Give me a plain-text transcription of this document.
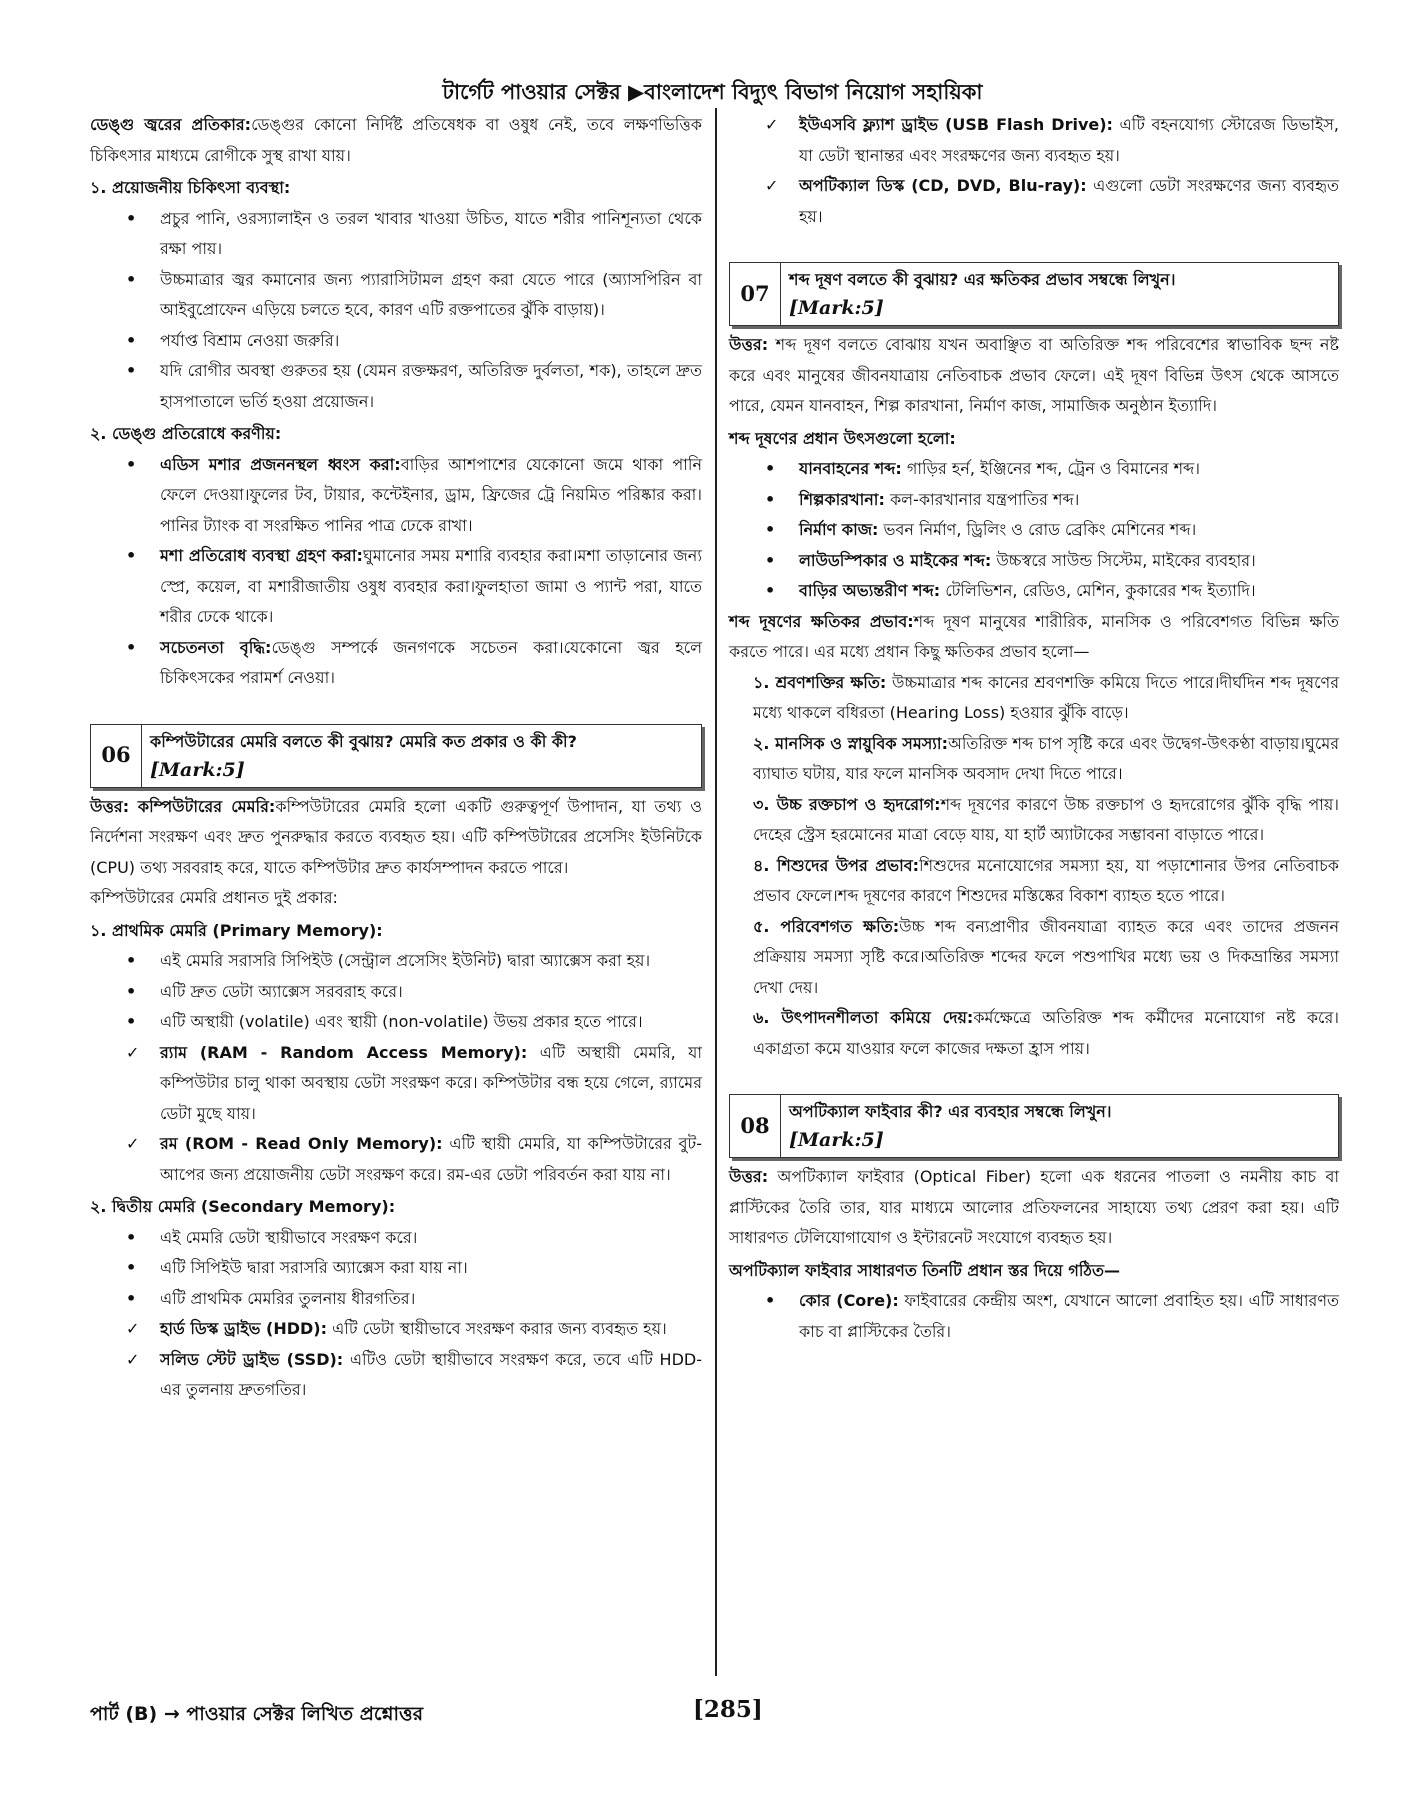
টার্গেট পাওয়ার সেক্টর ▶বাংলাদেশ বিদ্যুৎ বিভাগ নিয়োগ সহায়িকা

ডেঙ্গু জ্বরের প্রতিকার:ডেঙ্গুর কোনো নির্দিষ্ট প্রতিষেধক বা ওষুধ নেই, তবে লক্ষণভিত্তিক চিকিৎসার মাধ্যমে রোগীকে সুস্থ রাখা যায়।

১. প্রয়োজনীয় চিকিৎসা ব্যবস্থা:

• প্রচুর পানি, ওরস্যালাইন ও তরল খাবার খাওয়া উচিত, যাতে শরীর পানিশূন্যতা থেকে রক্ষা পায়।
• উচ্চমাত্রার জ্বর কমানোর জন্য প্যারাসিটামল গ্রহণ করা যেতে পারে (অ্যাসপিরিন বা আইবুপ্রোফেন এড়িয়ে চলতে হবে, কারণ এটি রক্তপাতের ঝুঁকি বাড়ায়)।
• পর্যাপ্ত বিশ্রাম নেওয়া জরুরি।
• যদি রোগীর অবস্থা গুরুতর হয় (যেমন রক্তক্ষরণ, অতিরিক্ত দুর্বলতা, শক), তাহলে দ্রুত হাসপাতালে ভর্তি হওয়া প্রয়োজন।

২. ডেঙ্গু প্রতিরোধে করণীয়:

• এডিস মশার প্রজননস্থল ধ্বংস করা:বাড়ির আশপাশের যেকোনো জমে থাকা পানি ফেলে দেওয়া।ফুলের টব, টায়ার, কন্টেইনার, ড্রাম, ফ্রিজের ট্রে নিয়মিত পরিষ্কার করা।পানির ট্যাংক বা সংরক্ষিত পানির পাত্র ঢেকে রাখা।
• মশা প্রতিরোধ ব্যবস্থা গ্রহণ করা:ঘুমানোর সময় মশারি ব্যবহার করা।মশা তাড়ানোর জন্য স্প্রে, কয়েল, বা মশারীজাতীয় ওষুধ ব্যবহার করা।ফুলহাতা জামা ও প্যান্ট পরা, যাতে শরীর ঢেকে থাকে।
• সচেতনতা বৃদ্ধি:ডেঙ্গু সম্পর্কে জনগণকে সচেতন করা।যেকোনো জ্বর হলে চিকিৎসকের পরামর্শ নেওয়া।
06
কম্পিউটারের মেমরি বলতে কী বুঝায়? মেমরি কত প্রকার ও কী কী?
[Mark:5]

উত্তর: কম্পিউটারের মেমরি:কম্পিউটারের মেমরি হলো একটি গুরুত্বপূর্ণ উপাদান, যা তথ্য ও নির্দেশনা সংরক্ষণ এবং দ্রুত পুনরুদ্ধার করতে ব্যবহৃত হয়। এটি কম্পিউটারের প্রসেসিং ইউনিটকে (CPU) তথ্য সরবরাহ করে, যাতে কম্পিউটার দ্রুত কার্যসম্পাদন করতে পারে।

কম্পিউটারের মেমরি প্রধানত দুই প্রকার:

১. প্রাথমিক মেমরি (Primary Memory):

• এই মেমরি সরাসরি সিপিইউ (সেন্ট্রাল প্রসেসিং ইউনিট) দ্বারা অ্যাক্সেস করা হয়।
• এটি দ্রুত ডেটা অ্যাক্সেস সরবরাহ করে।
• এটি অস্থায়ী (volatile) এবং স্থায়ী (non-volatile) উভয় প্রকার হতে পারে।
✓ র‍্যাম (RAM - Random Access Memory): এটি অস্থায়ী মেমরি, যা কম্পিউটার চালু থাকা অবস্থায় ডেটা সংরক্ষণ করে। কম্পিউটার বন্ধ হয়ে গেলে, র‍্যামের ডেটা মুছে যায়।
✓ রম (ROM - Read Only Memory): এটি স্থায়ী মেমরি, যা কম্পিউটারের বুট-আপের জন্য প্রয়োজনীয় ডেটা সংরক্ষণ করে। রম-এর ডেটা পরিবর্তন করা যায় না।

২. দ্বিতীয় মেমরি (Secondary Memory):

• এই মেমরি ডেটা স্থায়ীভাবে সংরক্ষণ করে।
• এটি সিপিইউ দ্বারা সরাসরি অ্যাক্সেস করা যায় না।
• এটি প্রাথমিক মেমরির তুলনায় ধীরগতির।
✓ হার্ড ডিস্ক ড্রাইভ (HDD): এটি ডেটা স্থায়ীভাবে সংরক্ষণ করার জন্য ব্যবহৃত হয়।
✓ সলিড স্টেট ড্রাইভ (SSD): এটিও ডেটা স্থায়ীভাবে সংরক্ষণ করে, তবে এটি HDD-এর তুলনায় দ্রুতগতির।
✓ ইউএসবি ফ্ল্যাশ ড্রাইভ (USB Flash Drive): এটি বহনযোগ্য স্টোরেজ ডিভাইস, যা ডেটা স্থানান্তর এবং সংরক্ষণের জন্য ব্যবহৃত হয়।
✓ অপটিক্যাল ডিস্ক (CD, DVD, Blu-ray): এগুলো ডেটা সংরক্ষণের জন্য ব্যবহৃত হয়।
07
শব্দ দূষণ বলতে কী বুঝায়? এর ক্ষতিকর প্রভাব সম্বন্ধে লিখুন।
[Mark:5]

উত্তর: শব্দ দূষণ বলতে বোঝায় যখন অবাঞ্ছিত বা অতিরিক্ত শব্দ পরিবেশের স্বাভাবিক ছন্দ নষ্ট করে এবং মানুষের জীবনযাত্রায় নেতিবাচক প্রভাব ফেলে। এই দূষণ বিভিন্ন উৎস থেকে আসতে পারে, যেমন যানবাহন, শিল্প কারখানা, নির্মাণ কাজ, সামাজিক অনুষ্ঠান ইত্যাদি।

শব্দ দূষণের প্রধান উৎসগুলো হলো:

• যানবাহনের শব্দ: গাড়ির হর্ন, ইঞ্জিনের শব্দ, ট্রেন ও বিমানের শব্দ।
• শিল্পকারখানা: কল-কারখানার যন্ত্রপাতির শব্দ।
• নির্মাণ কাজ: ভবন নির্মাণ, ড্রিলিং ও রোড ব্রেকিং মেশিনের শব্দ।
• লাউডস্পিকার ও মাইকের শব্দ: উচ্চস্বরে সাউন্ড সিস্টেম, মাইকের ব্যবহার।
• বাড়ির অভ্যন্তরীণ শব্দ: টেলিভিশন, রেডিও, মেশিন, কুকারের শব্দ ইত্যাদি।

শব্দ দূষণের ক্ষতিকর প্রভাব:শব্দ দূষণ মানুষের শারীরিক, মানসিক ও পরিবেশগত বিভিন্ন ক্ষতি করতে পারে। এর মধ্যে প্রধান কিছু ক্ষতিকর প্রভাব হলো—

১. শ্রবণশক্তির ক্ষতি: উচ্চমাত্রার শব্দ কানের শ্রবণশক্তি কমিয়ে দিতে পারে।দীর্ঘদিন শব্দ দূষণের মধ্যে থাকলে বধিরতা (Hearing Loss) হওয়ার ঝুঁকি বাড়ে।

২. মানসিক ও স্নায়ুবিক সমস্যা:অতিরিক্ত শব্দ চাপ সৃষ্টি করে এবং উদ্বেগ-উৎকণ্ঠা বাড়ায়।ঘুমের ব্যাঘাত ঘটায়, যার ফলে মানসিক অবসাদ দেখা দিতে পারে।

৩. উচ্চ রক্তচাপ ও হৃদরোগ:শব্দ দূষণের কারণে উচ্চ রক্তচাপ ও হৃদরোগের ঝুঁকি বৃদ্ধি পায়।দেহের স্ট্রেস হরমোনের মাত্রা বেড়ে যায়, যা হার্ট অ্যাটাকের সম্ভাবনা বাড়াতে পারে।

৪. শিশুদের উপর প্রভাব:শিশুদের মনোযোগের সমস্যা হয়, যা পড়াশোনার উপর নেতিবাচক প্রভাব ফেলে।শব্দ দূষণের কারণে শিশুদের মস্তিষ্কের বিকাশ ব্যাহত হতে পারে।

৫. পরিবেশগত ক্ষতি:উচ্চ শব্দ বন্যপ্রাণীর জীবনযাত্রা ব্যাহত করে এবং তাদের প্রজনন প্রক্রিয়ায় সমস্যা সৃষ্টি করে।অতিরিক্ত শব্দের ফলে পশুপাখির মধ্যে ভয় ও দিকভ্রান্তির সমস্যা দেখা দেয়।

৬. উৎপাদনশীলতা কমিয়ে দেয়:কর্মক্ষেত্রে অতিরিক্ত শব্দ কর্মীদের মনোযোগ নষ্ট করে।একাগ্রতা কমে যাওয়ার ফলে কাজের দক্ষতা হ্রাস পায়।

08
অপটিক্যাল ফাইবার কী? এর ব্যবহার সম্বন্ধে লিখুন।
[Mark:5]

উত্তর: অপটিক্যাল ফাইবার (Optical Fiber) হলো এক ধরনের পাতলা ও নমনীয় কাচ বা প্লাস্টিকের তৈরি তার, যার মাধ্যমে আলোর প্রতিফলনের সাহায্যে তথ্য প্রেরণ করা হয়। এটি সাধারণত টেলিযোগাযোগ ও ইন্টারনেট সংযোগে ব্যবহৃত হয়।

অপটিক্যাল ফাইবার সাধারণত তিনটি প্রধান স্তর দিয়ে গঠিত—

• কোর (Core): ফাইবারের কেন্দ্রীয় অংশ, যেখানে আলো প্রবাহিত হয়। এটি সাধারণত কাচ বা প্লাস্টিকের তৈরি।
পার্ট (B) → পাওয়ার সেক্টর লিখিত প্রশ্নোত্তর	[285]
